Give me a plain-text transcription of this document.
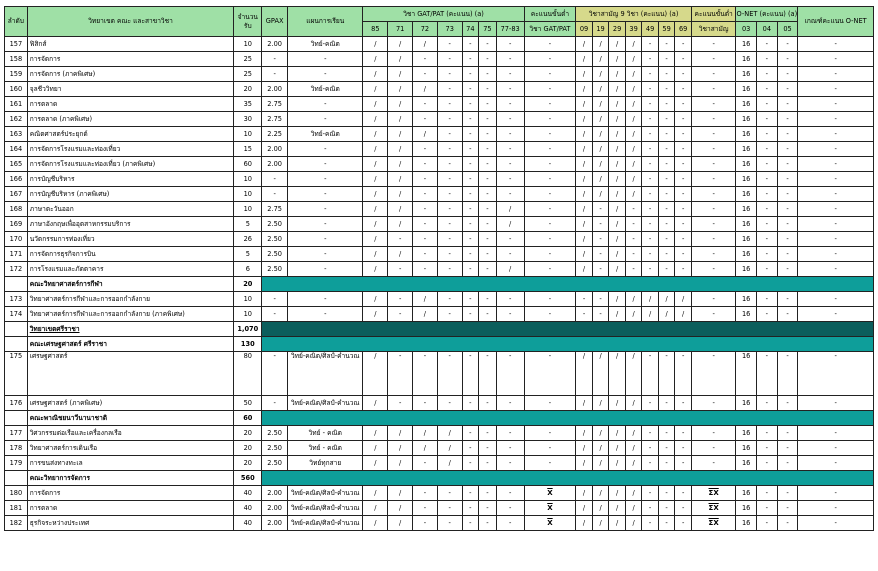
ลำดับ	วิทยาเขต คณะ และสาขาวิชา	จำนวนรับ	GPAX	แผนการเรียน	วิชา GAT/PAT (คะแนน) (a)							คะแนนขั้นต่ำ	วิชาสามัญ 9 วิชา (คะแนน) (a)							คะแนนขั้นต่ำ	O-NET (คะแนน) (a)			เกณฑ์คะแนน O-NET
					85	71	72	73	74	75	77-83	วิชา GAT/PAT	09	19	29	39	49	59	69	วิชาสามัญ	03	04	05	
157	ฟิสิกส์	10	2.00	วิทย์-คณิต	/	/	/	-	-	-	-	-	/	/	/	/	-	-	-	-	16	-	-	-
158	การจัดการ	25	-	-	/	/	-	-	-	-	-	-	/	/	/	/	-	-	-	-	16	-	-	-
159	การจัดการ (ภาคพิเศษ)	25	-	-	/	/	-	-	-	-	-	-	/	/	/	/	-	-	-	-	16	-	-	-
160	จุลชีววิทยา	20	2.00	วิทย์-คณิต	/	/	/	-	-	-	-	-	/	/	/	/	-	-	-	-	16	-	-	-
161	การตลาด	35	2.75	-	/	/	-	-	-	-	-	-	/	/	/	/	-	-	-	-	16	-	-	-
162	การตลาด (ภาคพิเศษ)	30	2.75	-	/	/	-	-	-	-	-	-	/	/	/	/	-	-	-	-	16	-	-	-
163	คณิตศาสตร์ประยุกต์	10	2.25	วิทย์-คณิต	/	/	/	-	-	-	-	-	/	/	/	/	-	-	-	-	16	-	-	-
164	การจัดการโรงแรมและท่องเที่ยว	15	2.00	-	/	/	-	-	-	-	-	-	/	/	/	/	-	-	-	-	16	-	-	-
165	การจัดการโรงแรมและท่องเที่ยว (ภาคพิเศษ)	60	2.00	-	/	/	-	-	-	-	-	-	/	/	/	/	-	-	-	-	16	-	-	-
166	การบัญชีบริหาร	10	-	-	/	/	-	-	-	-	-	-	/	/	/	/	-	-	-	-	16	-	-	-
167	การบัญชีบริหาร (ภาคพิเศษ)	10	-	-	/	/	-	-	-	-	-	-	/	/	/	/	-	-	-	-	16	-	-	-
168	ภาษาตะวันออก	10	2.75	-	/	/	-	-	-	-	/	-	/	-	/	-	-	-	-	-	16	-	-	-
169	ภาษาอังกฤษเพื่ออุตสาหกรรมบริการ	5	2.50	-	/	/	-	-	-	-	/	-	/	-	/	-	-	-	-	-	16	-	-	-
170	นวัตกรรมการท่องเที่ยว	26	2.50	-	/	-	-	-	-	-	-	-	/	-	/	-	-	-	-	-	16	-	-	-
171	การจัดการธุรกิจการบิน	5	2.50	-	/	/	-	-	-	-	-	-	/	-	/	-	-	-	-	-	16	-	-	-
172	การโรงแรมและภัตตาคาร	6	2.50	-	/	-	-	-	-	-	/	-	/	-	/	-	-	-	-	-	16	-	-	-
	คณะวิทยาศาสตร์การกีฬา	20																						
173	วิทยาศาสตร์การกีฬาและการออกกำลังกาย	10	-	-	/	-	/	-	-	-	-	-	-	-	/	/	/	/	/	-	16	-	-	-
174	วิทยาศาสตร์การกีฬาและการออกกำลังกาย (ภาคพิเศษ)	10	-	-	/	-	/	-	-	-	-	-	-	-	/	/	/	/	/	-	16	-	-	-
	วิทยาเขตศรีราชา	1,070																						
	คณะเศรษฐศาสตร์ ศรีราชา	130																						
175	เศรษฐศาสตร์	80	-	วิทย์-คณิต/ศิลป์-คำนวณ	/	-	-	-	-	-	-	-	/	/	/	/	-	-	-	-	16	-	-	-
176	เศรษฐศาสตร์ (ภาคพิเศษ)	50	-	วิทย์-คณิต/ศิลป์-คำนวณ	/	-	-	-	-	-	-	-	/	/	/	/	-	-	-	-	16	-	-	-
	คณะพาณิชยนาวีนานาชาติ	60																						
177	วิศวกรรมต่อเรือและเครื่องกลเรือ	20	2.50	วิทย์ - คณิต	/	/	/	/	-	-	-	-	/	/	/	/	-	-	-	-	16	-	-	-
178	วิทยาศาสตร์การเดินเรือ	20	2.50	วิทย์ - คณิต	/	/	/	/	-	-	-	-	/	/	/	/	-	-	-	-	16	-	-	-
179	การขนส่งทางทะเล	20	2.50	วิทย์ทุกสาย	/	/	-	/	-	-	-	-	/	/	/	/	-	-	-	-	16	-	-	-
	คณะวิทยาการจัดการ	560																						
180	การจัดการ	40	2.00	วิทย์-คณิต/ศิลป์-คำนวณ	/	/	-	-	-	-	-	$\overline{X}$	/	/	/	/	-	-	-	$\overline{\Sigma X}$	16	-	-	-
181	การตลาด	40	2.00	วิทย์-คณิต/ศิลป์-คำนวณ	/	/	-	-	-	-	-	$\overline{X}$	/	/	/	/	-	-	-	$\overline{\Sigma X}$	16	-	-	-
182	ธุรกิจระหว่างประเทศ	40	2.00	วิทย์-คณิต/ศิลป์-คำนวณ	/	/	-	-	-	-	-	$\overline{X}$	/	/	/	/	-	-	-	$\overline{\Sigma X}$	16	-	-	-
